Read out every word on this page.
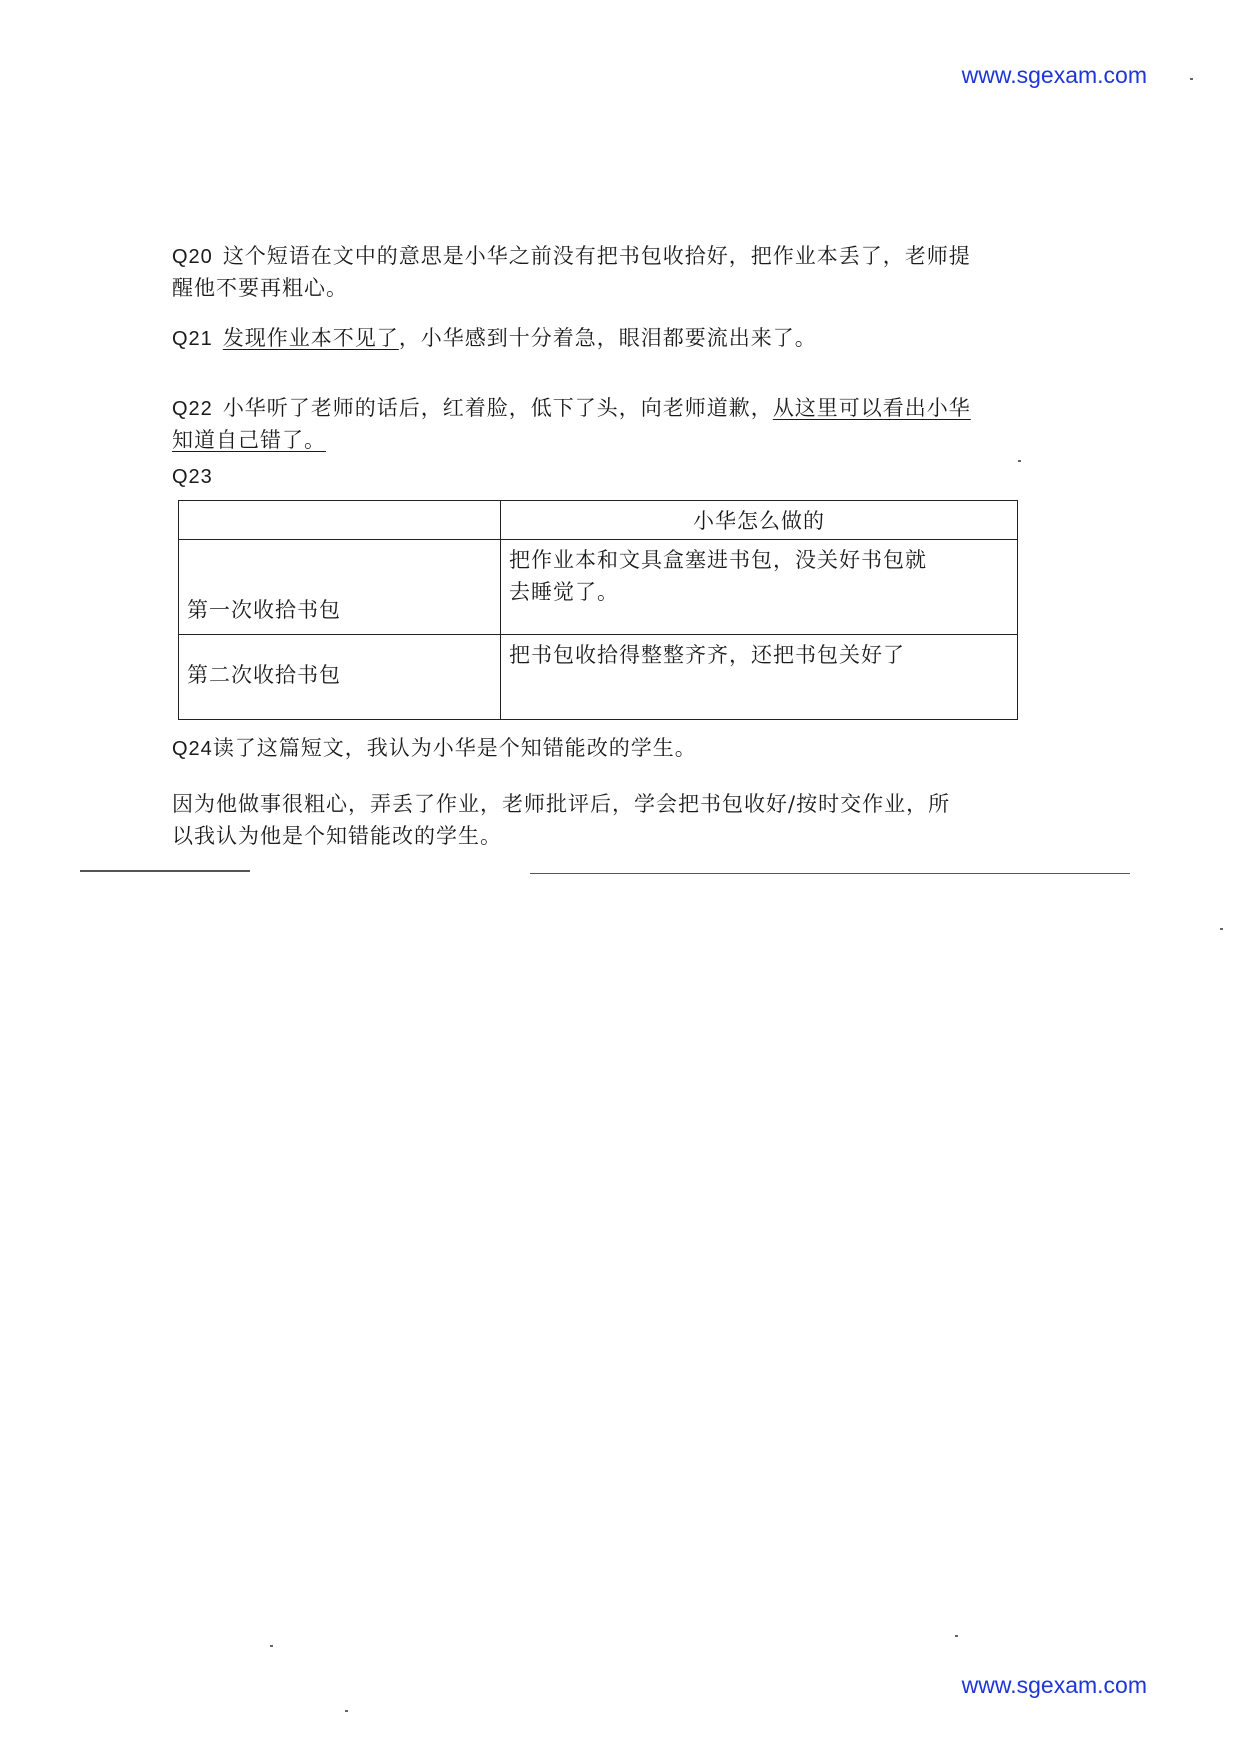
www.sgexam.com
Q20 这个短语在文中的意思是小华之前没有把书包收拾好，把作业本丢了，老师提
醒他不要再粗心。
Q21 发现作业本不见了，小华感到十分着急，眼泪都要流出来了。
Q22 小华听了老师的话后，红着脸，低下了头，向老师道歉，从这里可以看出小华
知道自己错了。
Q23
	小华怎么做的
第一次收拾书包	把作业本和文具盒塞进书包，没关好书包就
去睡觉了。

第二次收拾书包	把书包收拾得整整齐齐，还把书包关好了
Q24读了这篇短文，我认为小华是个知错能改的学生。
因为他做事很粗心，弄丢了作业，老师批评后，学会把书包收好/按时交作业，所
以我认为他是个知错能改的学生。
www.sgexam.com
